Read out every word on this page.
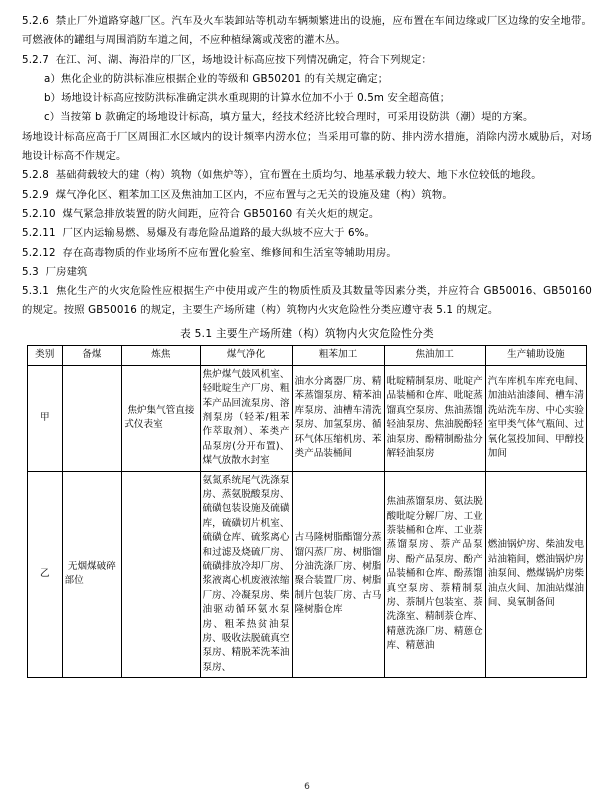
5.2.6  禁止厂外道路穿越厂区。汽车及火车装卸站等机动车辆频繁进出的设施，应布置在车间边缘或厂区边缘的安全地带。可燃液体的罐组与周围消防车道之间，不应种植绿篱或茂密的灌木丛。

5.2.7  在江、河、湖、海沿岸的厂区，场地设计标高应按下列情况确定，符合下列规定：

a）焦化企业的防洪标准应根据企业的等级和 GB50201 的有关规定确定；

b）场地设计标高应按防洪标准确定洪水重现期的计算水位加不小于 0.5m 安全超高值；

c）当按第 b 款确定的场地设计标高，填方量大，经技术经济比较合理时，可采用设防洪（潮）堤的方案。

场地设计标高应高于厂区周围汇水区域内的设计频率内涝水位；当采用可靠的防、排内涝水措施，消除内涝水威胁后，对场地设计标高不作规定。

5.2.8  基础荷载较大的建（构）筑物（如焦炉等），宜布置在土质均匀、地基承载力较大、地下水位较低的地段。

5.2.9  煤气净化区、粗苯加工区及焦油加工区内，不应布置与之无关的设施及建（构）筑物。

5.2.10  煤气紧急排放装置的防火间距，应符合 GB50160 有关火炬的规定。

5.2.11  厂区内运输易燃、易爆及有毒危险品道路的最大纵坡不应大于 6%。

5.2.12  存在高毒物质的作业场所不应布置化验室、维修间和生活室等辅助用房。

5.3  厂房建筑

5.3.1  焦化生产的火灾危险性应根据生产中使用或产生的物质性质及其数量等因素分类，并应符合 GB50016、GB50160 的规定。按照 GB50016 的规定，主要生产场所建（构）筑物内火灾危险性分类应遵守表 5.1 的规定。

表 5.1 主要生产场所建（构）筑物内火灾危险性分类
类别	备煤	炼焦	煤气净化	粗苯加工	焦油加工	生产辅助设施
甲		焦炉集气管直接式仪表室	焦炉煤气鼓风机室、轻吡啶生产厂房、粗苯产品回流泵房、溶剂泵房（轻苯/粗苯作萃取剂）、苯类产品泵房(分开布置)、煤气放散水封室	油水分离器厂房、精苯蒸馏泵房、精苯油库泵房、油槽车清洗泵房、加氢泵房、循环气体压缩机房、苯类产品装桶间	吡啶精制泵房、吡啶产品装桶和仓库、吡啶蒸馏真空泵房、焦油蒸馏轻油泵房、焦油脱酚轻油泵房、酚精制酚盐分解轻油泵房	汽车库机车库充电间、加油站油漆间、槽车清洗站洗车房、中心实验室甲类气体气瓶间、过氧化氢投加间、甲醇投加间
乙	无烟煤破碎部位		氨氮系统尾气洗涤泵房、蒸氨脱酸泵房、硫磺包装设施及硫磺库，硫磺切片机室、硫磺仓库、硫浆离心和过滤及烧硫厂房、硫磺排放冷却厂房、浆液离心机废液浓缩厂房、冷凝泵房、柴油驱动循环氨水泵房、粗苯热贫油泵房、吸收法脱硫真空泵房、精脱苯洗苯油泵房、	古马隆树脂酯馏分蒸馏闪蒸厂房、树脂馏分油洗涤厂房、树脂聚合装置厂房、树脂制片包装厂房、古马隆树脂仓库	焦油蒸馏泵房、氨法脱酸吡啶分解厂房、工业萘装桶和仓库、工业萘蒸馏泵房、萘产品泵房、酚产品泵房、酚产品装桶和仓库、酚蒸馏真空泵房、萘精制泵房、萘制片包装室、萘洗涤室、精制萘仓库、精蒽洗涤厂房、精蒽仓库、精蒽油	燃油锅炉房、柴油发电站油箱间，燃油锅炉房油泵间、燃煤锅炉房柴油点火间、加油站煤油间、臭氧制备间
6
